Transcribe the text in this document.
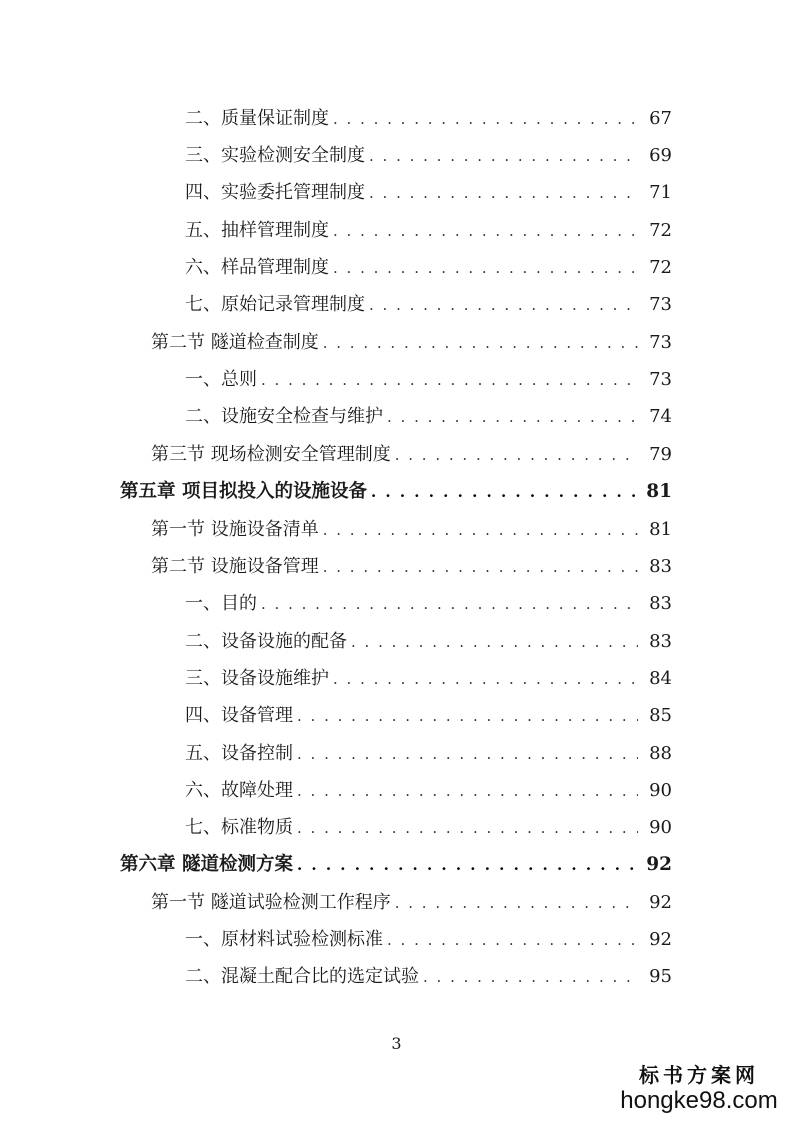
二、质量保证制度 . . .	67
三、实验检测安全制度 . . .	69
四、实验委托管理制度 . . .	71
五、抽样管理制度 . . .	72
六、样品管理制度 . . .	72
七、原始记录管理制度 . . .	73
第二节 隧道检查制度 . . .	73
一、总则 . . .	73
二、设施安全检查与维护 . . .	74
第三节 现场检测安全管理制度 . . .	79
第五章 项目拟投入的设施设备 . . .	81
第一节 设施设备清单 . . .	81
第二节 设施设备管理 . . .	83
一、目的 . . .	83
二、设备设施的配备 . . .	83
三、设备设施维护 . . .	84
四、设备管理 . . .	85
五、设备控制 . . .	88
六、故障处理 . . .	90
七、标准物质 . . .	90
第六章 隧道检测方案 . . .	92
第一节 隧道试验检测工作程序 . . .	92
一、原材料试验检测标准 . . .	92
二、混凝土配合比的选定试验 . . .	95
3
标书方案网
hongke98.com
